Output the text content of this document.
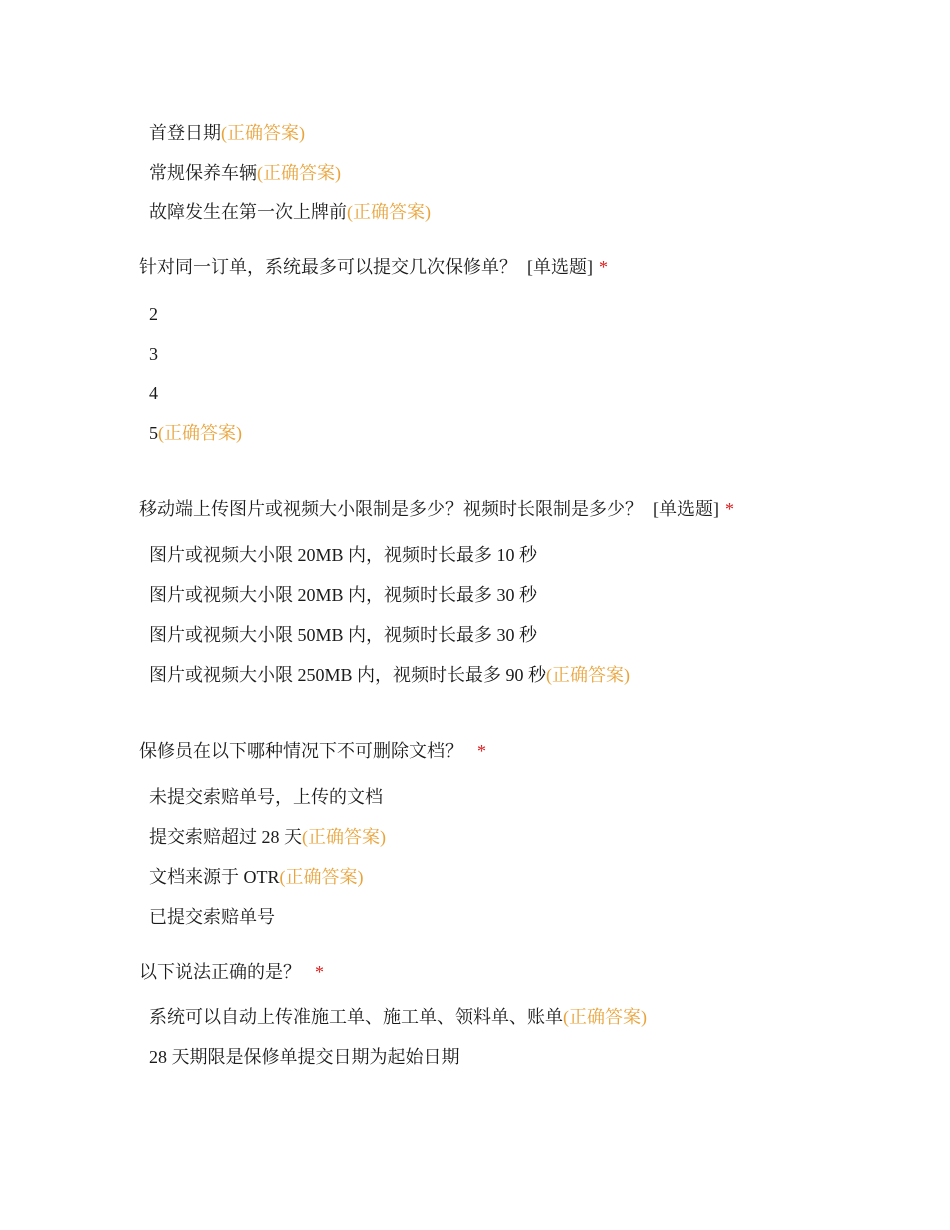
首登日期(正确答案)
常规保养车辆(正确答案)
故障发生在第一次上牌前(正确答案)
针对同一订单，系统最多可以提交几次保修单？ [单选题] *
2
3
4
5(正确答案)
移动端上传图片或视频大小限制是多少？视频时长限制是多少？ [单选题] *
图片或视频大小限 20MB 内，视频时长最多 10 秒
图片或视频大小限 20MB 内，视频时长最多 30 秒
图片或视频大小限 50MB 内，视频时长最多 30 秒
图片或视频大小限 250MB 内，视频时长最多 90 秒(正确答案)
保修员在以下哪种情况下不可删除文档？ *
未提交索赔单号，上传的文档
提交索赔超过 28 天(正确答案)
文档来源于 OTR(正确答案)
已提交索赔单号
以下说法正确的是？ *
系统可以自动上传准施工单、施工单、领料单、账单(正确答案)
28 天期限是保修单提交日期为起始日期
